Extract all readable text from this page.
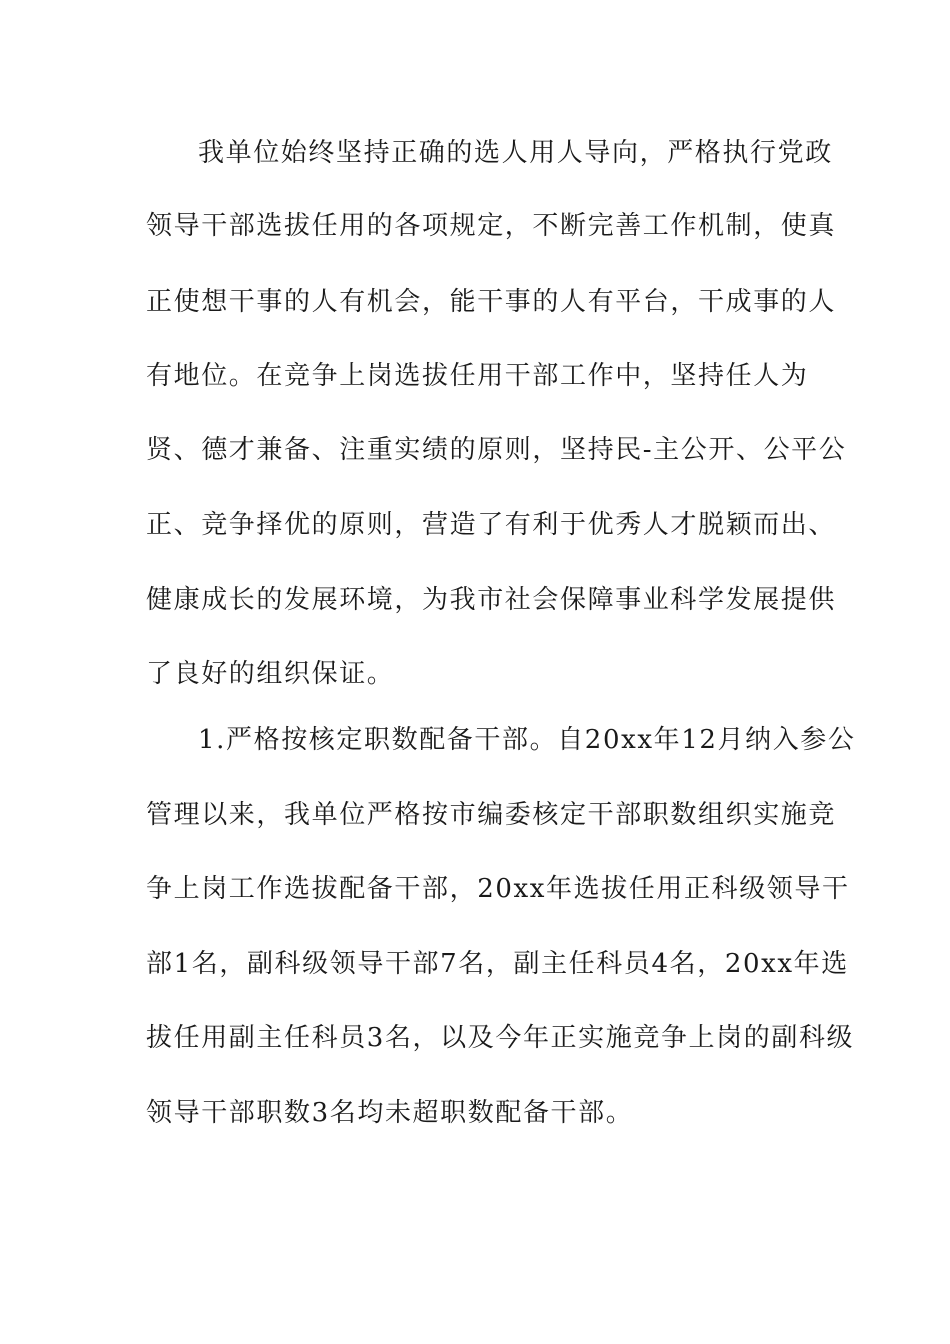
我单位始终坚持正确的选人用人导向，严格执行党政
领导干部选拔任用的各项规定，不断完善工作机制，使真
正使想干事的人有机会，能干事的人有平台，干成事的人
有地位。在竞争上岗选拔任用干部工作中，坚持任人为
贤、德才兼备、注重实绩的原则，坚持民-主公开、公平公
正、竞争择优的原则，营造了有利于优秀人才脱颖而出、
健康成长的发展环境，为我市社会保障事业科学发展提供
了良好的组织保证。
1.严格按核定职数配备干部。自20xx年12月纳入参公
管理以来，我单位严格按市编委核定干部职数组织实施竞
争上岗工作选拔配备干部，20xx年选拔任用正科级领导干
部1名，副科级领导干部7名，副主任科员4名，20xx年选
拔任用副主任科员3名，以及今年正实施竞争上岗的副科级
领导干部职数3名均未超职数配备干部。
